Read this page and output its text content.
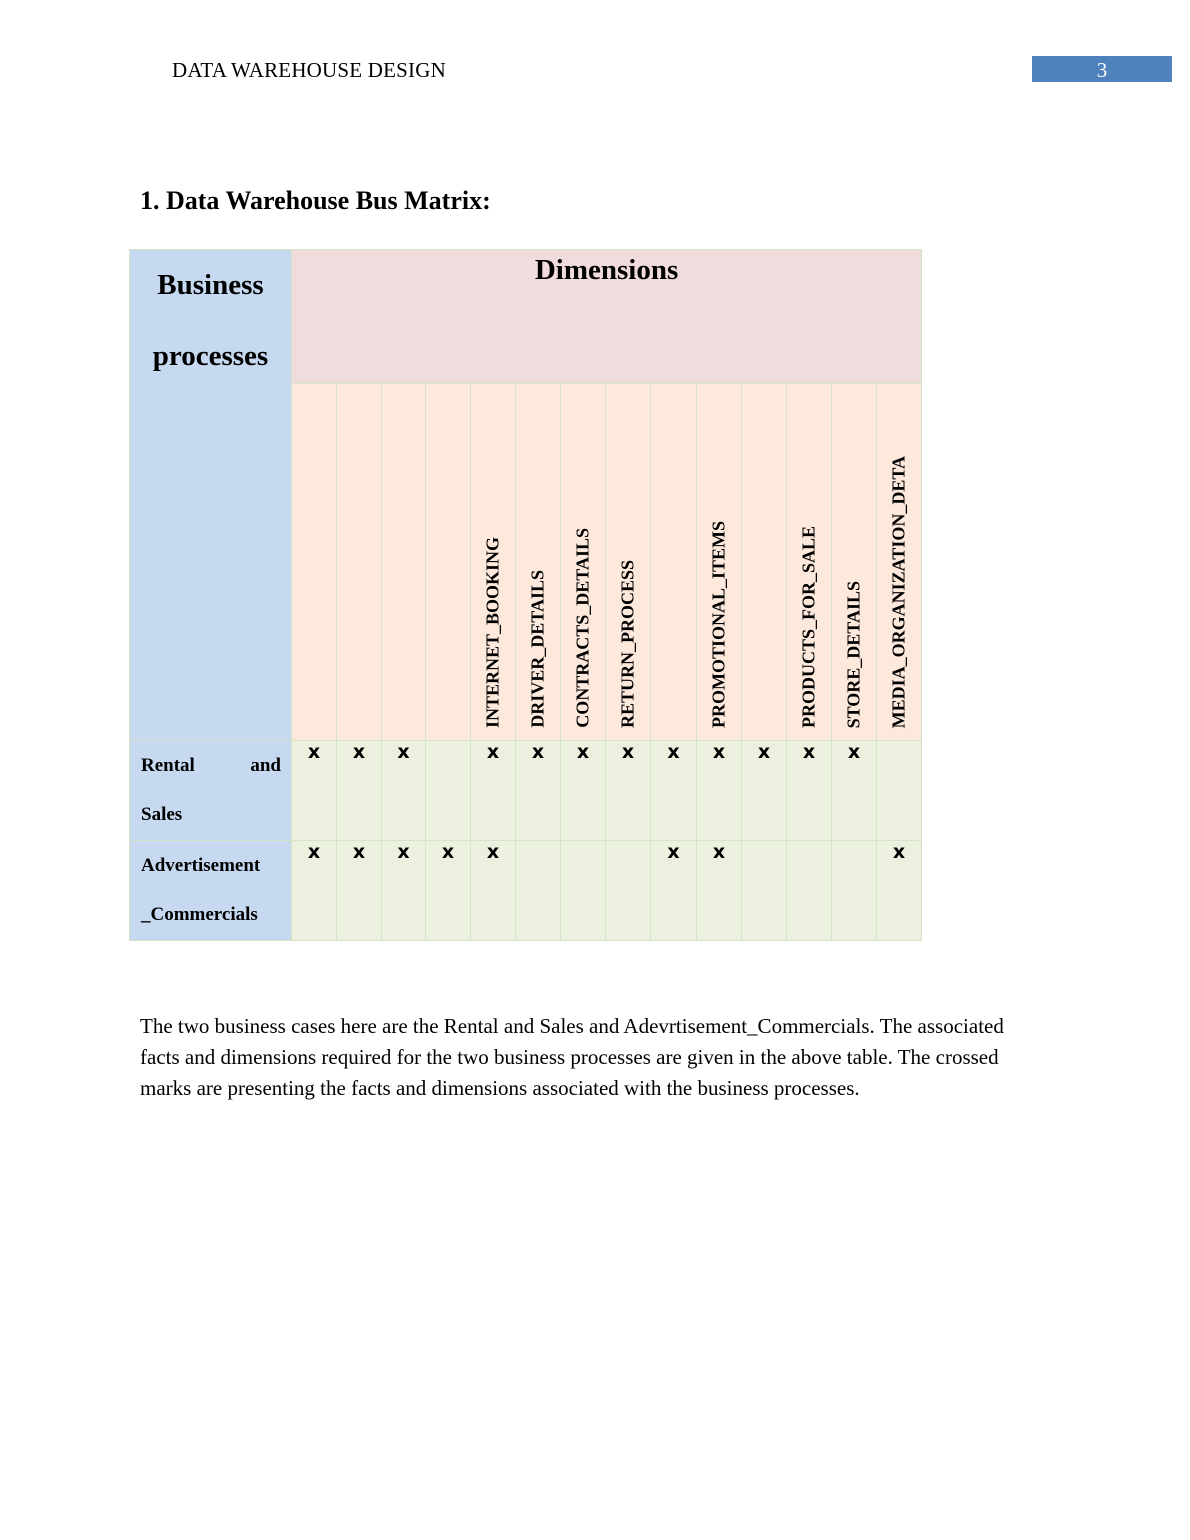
DATA WAREHOUSE DESIGN	3
1. Data Warehouse Bus Matrix:
Business
processes	Dimensions													

					INTERNET_BOOKING	DRIVER_DETAILS	CONTRACTS_DETAILS	RETURN_PROCESS		PROMOTIONAL_ITEMS		PRODUCTS_FOR_SALE	STORE_DETAILS	MEDIA_ORGANIZATION_DETA

Rental and
Sales	x	x	x		x	x	x	x	x	x	x	x	x	

Advertisement
_Commercials	x	x	x	x	x				x	x				x
The two business cases here are the Rental and Sales and Adevrtisement_Commercials. The associated facts and dimensions required for the two business processes are given in the above table. The crossed marks are presenting the facts and dimensions associated with the business processes.
